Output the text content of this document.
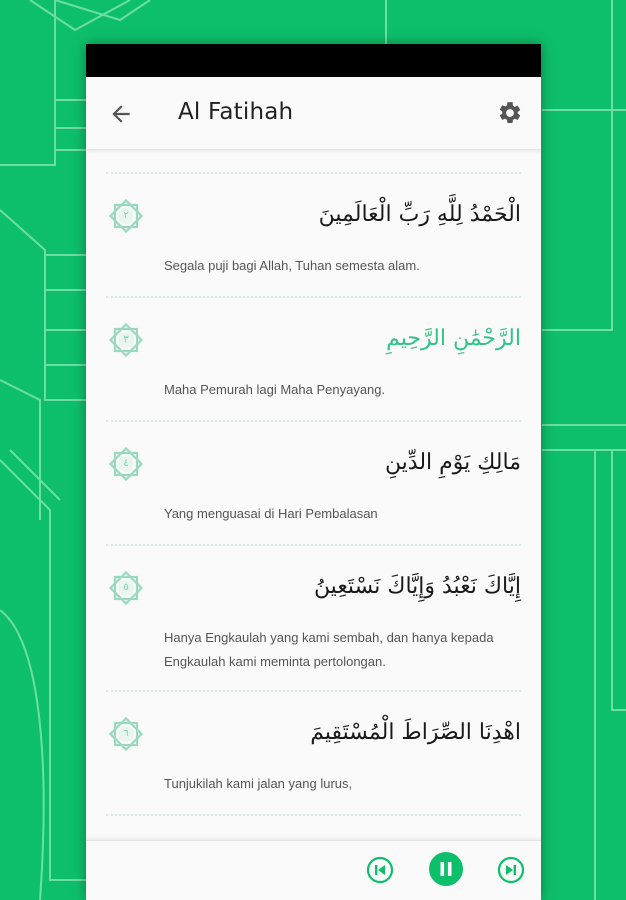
Al Fatihah
٢	الْحَمْدُ لِلَّهِ رَبِّ الْعَالَمِينَ
Segala puji bagi Allah, Tuhan semesta alam.
٣	الرَّحْمَٰنِ الرَّحِيمِ
Maha Pemurah lagi Maha Penyayang.
٤	مَالِكِ يَوْمِ الدِّينِ
Yang menguasai di Hari Pembalasan
٥	إِيَّاكَ نَعْبُدُ وَإِيَّاكَ نَسْتَعِينُ
Hanya Engkaulah yang kami sembah, dan hanya kepada Engkaulah kami meminta pertolongan.
٦	اهْدِنَا الصِّرَاطَ الْمُسْتَقِيمَ
Tunjukilah kami jalan yang lurus,
